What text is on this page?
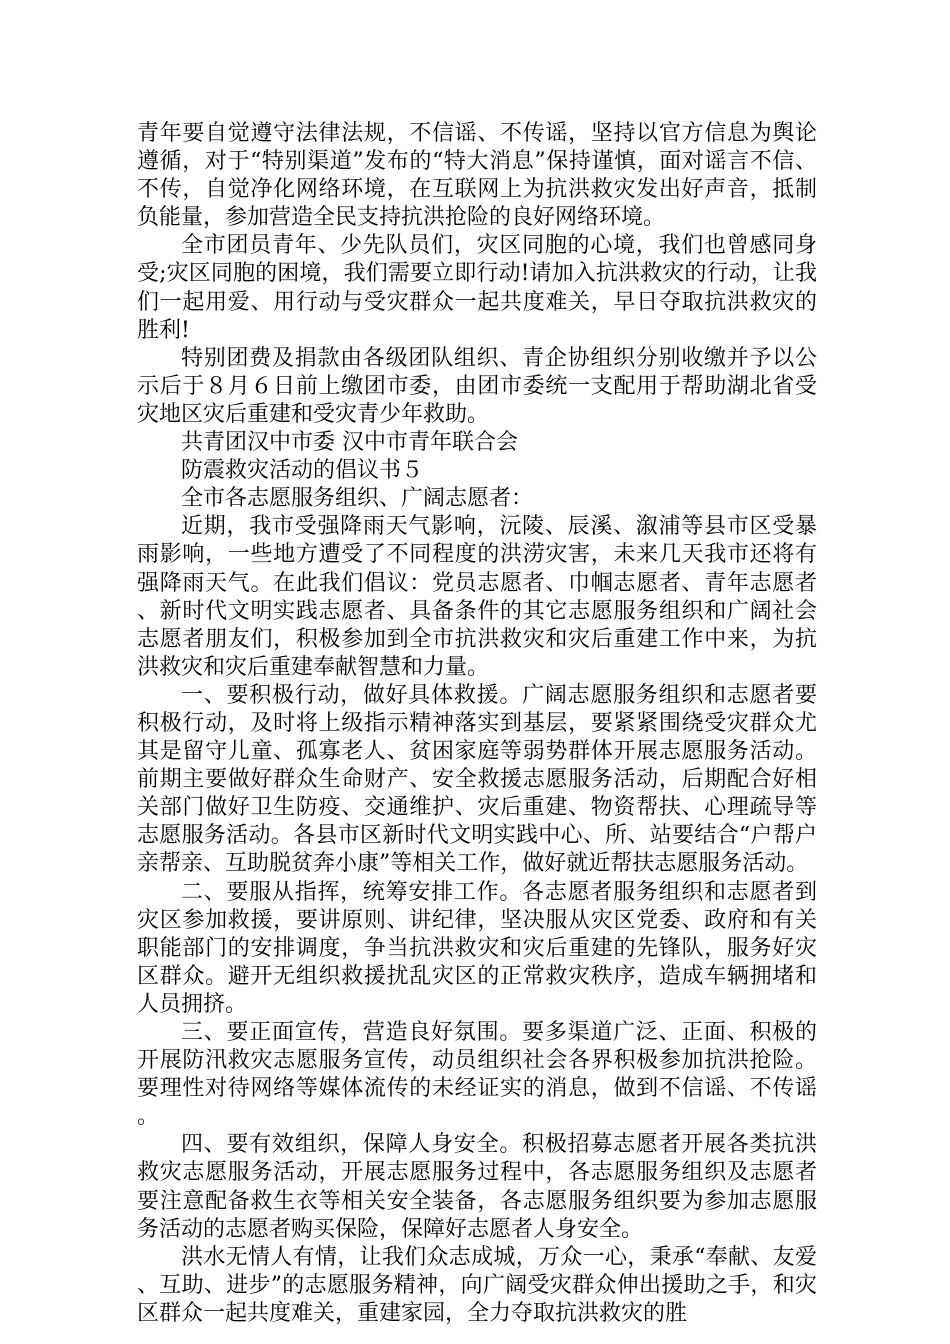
青年要自觉遵守法律法规，不信谣、不传谣，坚持以官方信息为舆论遵循，对于“特别渠道”发布的“特大消息”保持谨慎，面对谣言不信、不传，自觉净化网络环境，在互联网上为抗洪救灾发出好声音，抵制负能量，参加营造全民支持抗洪抢险的良好网络环境。

全市团员青年、少先队员们，灾区同胞的心境，我们也曾感同身受;灾区同胞的困境，我们需要立即行动!请加入抗洪救灾的行动，让我们一起用爱、用行动与受灾群众一起共度难关，早日夺取抗洪救灾的胜利!

特别团费及捐款由各级团队组织、青企协组织分别收缴并予以公示后于８月６日前上缴团市委，由团市委统一支配用于帮助湖北省受灾地区灾后重建和受灾青少年救助。

共青团汉中市委 汉中市青年联合会

防震救灾活动的倡议书５

全市各志愿服务组织、广阔志愿者：

近期，我市受强降雨天气影响，沅陵、辰溪、溆浦等县市区受暴雨影响，一些地方遭受了不同程度的洪涝灾害，未来几天我市还将有强降雨天气。在此我们倡议：党员志愿者、巾帼志愿者、青年志愿者、新时代文明实践志愿者、具备条件的其它志愿服务组织和广阔社会志愿者朋友们，积极参加到全市抗洪救灾和灾后重建工作中来，为抗洪救灾和灾后重建奉献智慧和力量。

一、要积极行动，做好具体救援。广阔志愿服务组织和志愿者要积极行动，及时将上级指示精神落实到基层，要紧紧围绕受灾群众尤其是留守儿童、孤寡老人、贫困家庭等弱势群体开展志愿服务活动。前期主要做好群众生命财产、安全救援志愿服务活动，后期配合好相关部门做好卫生防疫、交通维护、灾后重建、物资帮扶、心理疏导等志愿服务活动。各县市区新时代文明实践中心、所、站要结合“户帮户亲帮亲、互助脱贫奔小康”等相关工作，做好就近帮扶志愿服务活动。

二、要服从指挥，统筹安排工作。各志愿者服务组织和志愿者到灾区参加救援，要讲原则、讲纪律，坚决服从灾区党委、政府和有关职能部门的安排调度，争当抗洪救灾和灾后重建的先锋队，服务好灾区群众。避开无组织救援扰乱灾区的正常救灾秩序，造成车辆拥堵和人员拥挤。

三、要正面宣传，营造良好氛围。要多渠道广泛、正面、积极的开展防汛救灾志愿服务宣传，动员组织社会各界积极参加抗洪抢险。要理性对待网络等媒体流传的未经证实的消息，做到不信谣、不传谣。

四、要有效组织，保障人身安全。积极招募志愿者开展各类抗洪救灾志愿服务活动，开展志愿服务过程中，各志愿服务组织及志愿者要注意配备救生衣等相关安全装备，各志愿服务组织要为参加志愿服务活动的志愿者购买保险，保障好志愿者人身安全。

洪水无情人有情，让我们众志成城，万众一心，秉承“奉献、友爱、互助、进步”的志愿服务精神，向广阔受灾群众伸出援助之手，和灾区群众一起共度难关，重建家园，全力夺取抗洪救灾的胜
